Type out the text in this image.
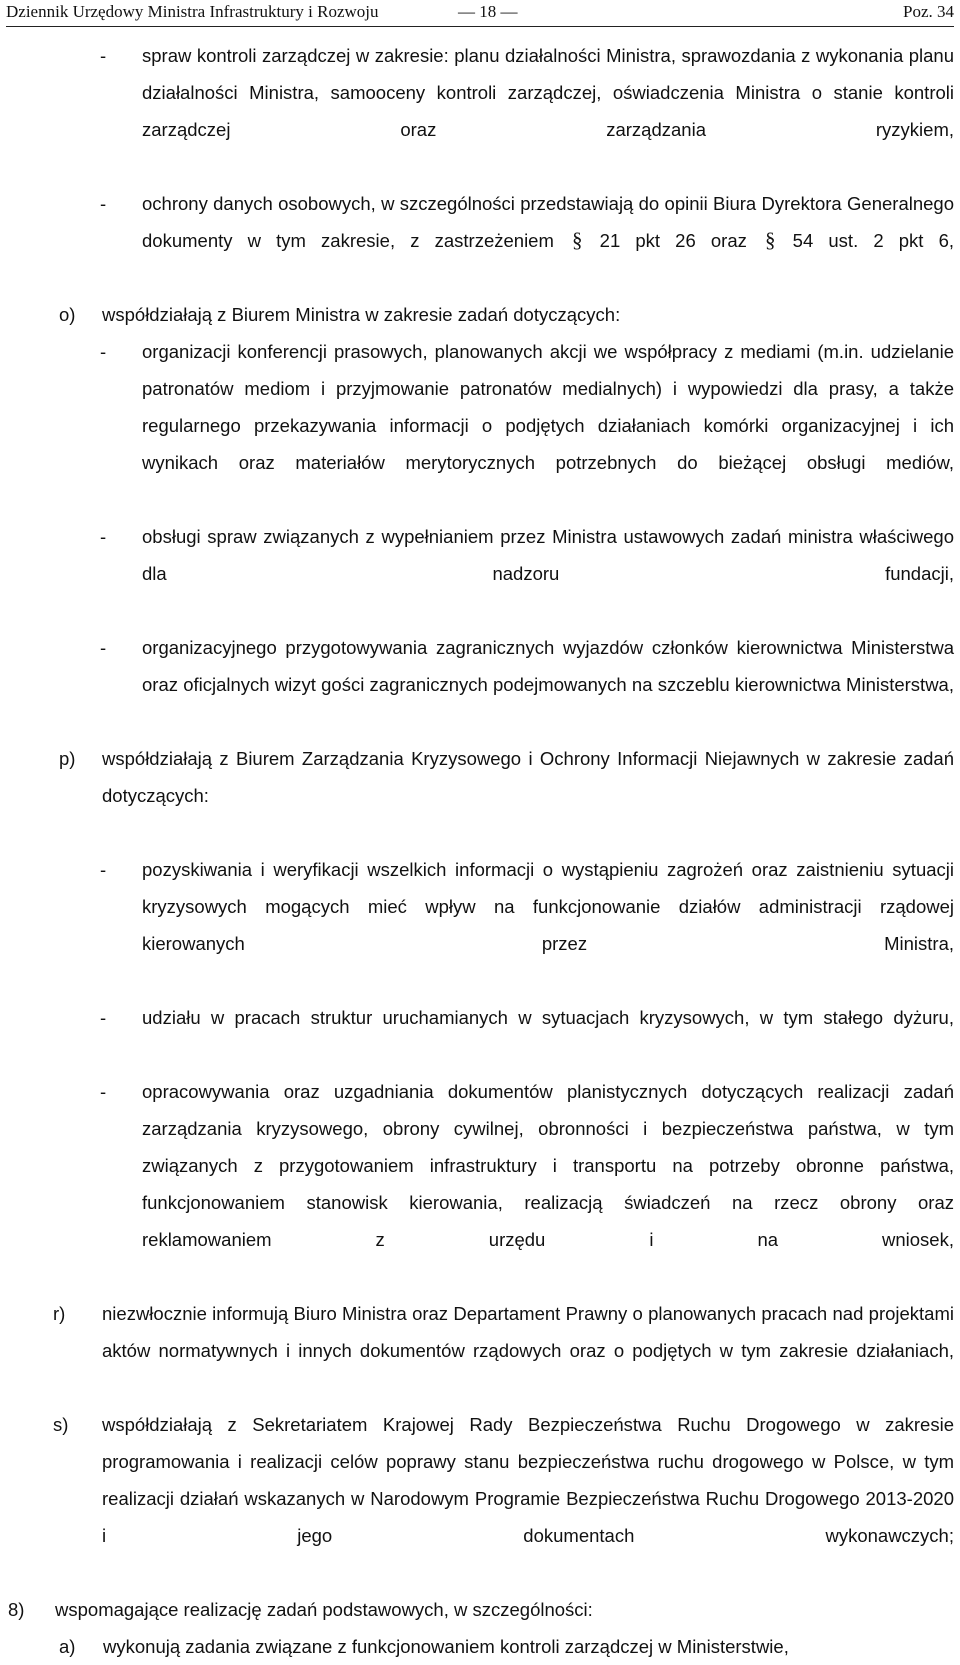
Dziennik Urzędowy Ministra Infrastruktury i Rozwoju	— 18 —	Poz. 34
- spraw kontroli zarządczej w zakresie: planu działalności Ministra, sprawozdania z wykonania planu działalności Ministra, samooceny kontroli zarządczej, oświadczenia Ministra o stanie kontroli zarządczej oraz zarządzania ryzykiem,
- ochrony danych osobowych, w szczególności przedstawiają do opinii Biura Dyrektora Generalnego dokumenty w tym zakresie, z zastrzeżeniem § 21 pkt 26 oraz § 54 ust. 2 pkt 6,
o) współdziałają z Biurem Ministra w zakresie zadań dotyczących:
- organizacji konferencji prasowych, planowanych akcji we współpracy z mediami (m.in. udzielanie patronatów mediom i przyjmowanie patronatów medialnych) i wypowiedzi dla prasy, a także regularnego przekazywania informacji o podjętych działaniach komórki organizacyjnej i ich wynikach oraz materiałów merytorycznych potrzebnych do bieżącej obsługi mediów,
- obsługi spraw związanych z wypełnianiem przez Ministra ustawowych zadań ministra właściwego dla nadzoru fundacji,
- organizacyjnego przygotowywania zagranicznych wyjazdów członków kierownictwa Ministerstwa oraz oficjalnych wizyt gości zagranicznych podejmowanych na szczeblu kierownictwa Ministerstwa,
p) współdziałają z Biurem Zarządzania Kryzysowego i Ochrony Informacji Niejawnych w zakresie zadań dotyczących:
- pozyskiwania i weryfikacji wszelkich informacji o wystąpieniu zagrożeń oraz zaistnieniu sytuacji kryzysowych mogących mieć wpływ na funkcjonowanie działów administracji rządowej kierowanych przez Ministra,
- udziału w pracach struktur uruchamianych w sytuacjach kryzysowych, w tym stałego dyżuru,
- opracowywania oraz uzgadniania dokumentów planistycznych dotyczących realizacji zadań zarządzania kryzysowego, obrony cywilnej, obronności i bezpieczeństwa państwa, w tym związanych z przygotowaniem infrastruktury i transportu na potrzeby obronne państwa, funkcjonowaniem stanowisk kierowania, realizacją świadczeń na rzecz obrony oraz reklamowaniem z urzędu i na wniosek,
r) niezwłocznie informują Biuro Ministra oraz Departament Prawny o planowanych pracach nad projektami aktów normatywnych i innych dokumentów rządowych oraz o podjętych w tym zakresie działaniach,
s) współdziałają z Sekretariatem Krajowej Rady Bezpieczeństwa Ruchu Drogowego w zakresie programowania i realizacji celów poprawy stanu bezpieczeństwa ruchu drogowego w Polsce, w tym realizacji działań wskazanych w Narodowym Programie Bezpieczeństwa Ruchu Drogowego 2013-2020 i jego dokumentach wykonawczych;
8) wspomagające realizację zadań podstawowych, w szczególności:
a) wykonują zadania związane z funkcjonowaniem kontroli zarządczej w Ministerstwie,
